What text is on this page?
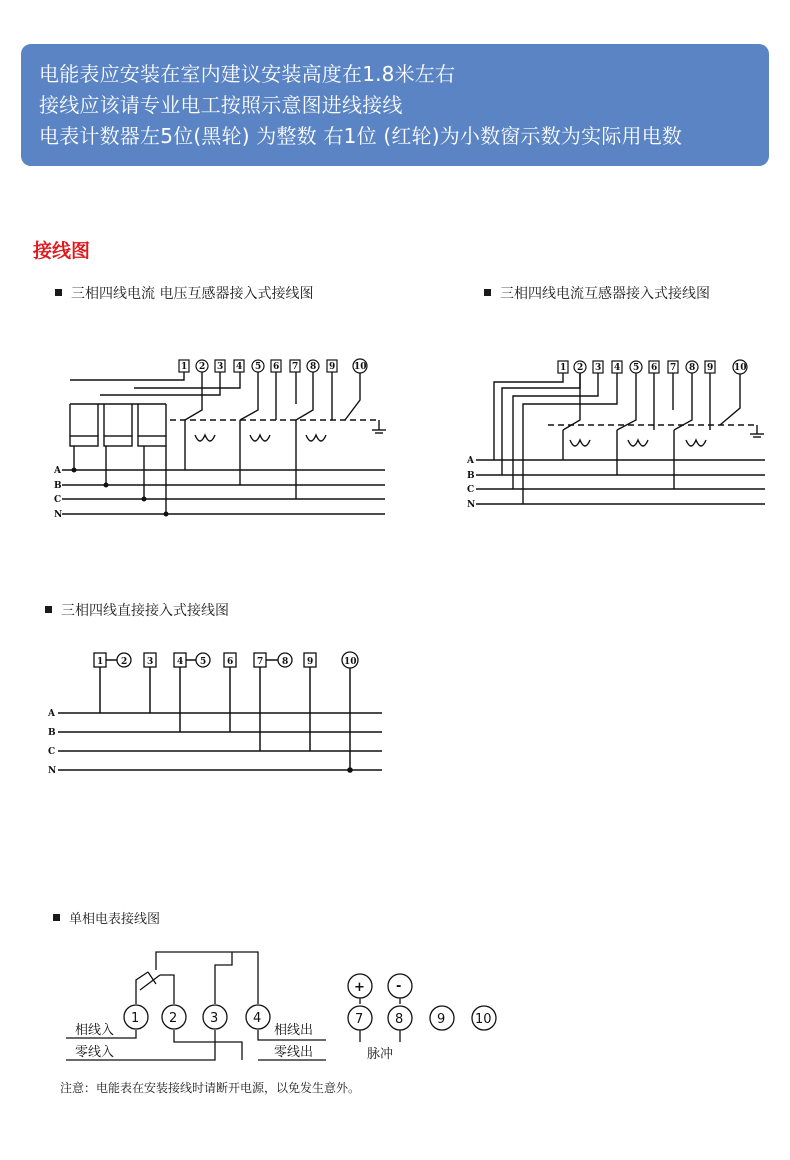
电能表应安装在室内建议安装高度在1.8米左右
接线应该请专业电工按照示意图进线接线
电表计数器左5位(黑轮) 为整数 右1位 (红轮)为小数窗示数为实际用电数
接线图
三相四线电流 电压互感器接入式接线图	三相四线电流互感器接入式接线图
三相四线直接接入式接线图
单相电表接线图
1 2 3 4 5 6 7 8 9 10
A
B
C
N
1 2 3 4 5 6 7 8 9 10
A
B
C
N
1 2 3	4 5 6	7 8 9	10
A
B
C
N
1 2	3	4
+ -
7 8	9 10
相线入
零线入
相线出
零线出	脉冲
注意：电能表在安装接线时请断开电源，以免发生意外。
